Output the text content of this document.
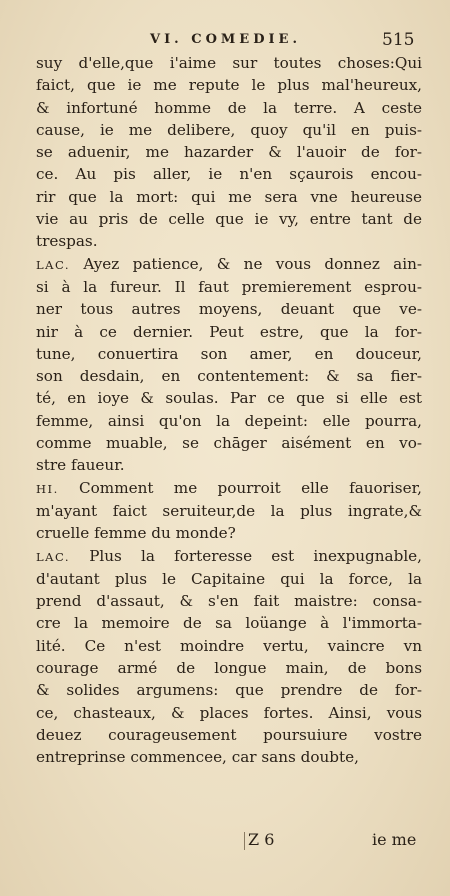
VI. COMEDIE.	515
suy d'elle,que i'aime sur toutes choses:Qui
faict, que ie me repute le plus mal'heureux,
& infortuné homme de la terre. A ceste
cause, ie me delibere, quoy qu'il en puis-
se aduenir, me hazarder & l'auoir de for-
ce. Au pis aller, ie n'en sçaurois encou-
rir que la mort: qui me sera vne heureuse
vie au pris de celle que ie vy, entre tant de
trespas.
LAC. Ayez patience, & ne vous donnez ain-
si à la fureur. Il faut premierement esprou-
ner tous autres moyens, deuant que ve-
nir à ce dernier. Peut estre, que la for-
tune, conuertira son amer, en douceur,
son desdain, en contentement: & sa fier-
té, en ioye & soulas. Par ce que si elle est
femme, ainsi qu'on la depeint: elle pourra,
comme muable, se chāger aisément en vo-
stre faueur.
HI. Comment me pourroit elle fauoriser,
m'ayant faict seruiteur,de la plus ingrate,&
cruelle femme du monde?
LAC. Plus la forteresse est inexpugnable,
d'autant plus le Capitaine qui la force, la
prend d'assaut, & s'en fait maistre: consa-
cre la memoire de sa loüange à l'immorta-
lité. Ce n'est moindre vertu, vaincre vn
courage armé de longue main, de bons
& solides argumens: que prendre de for-
ce, chasteaux, & places fortes. Ainsi, vous
deuez courageusement poursuiure vostre
entreprinse commencee, car sans doubte,
Z 6	ie me
